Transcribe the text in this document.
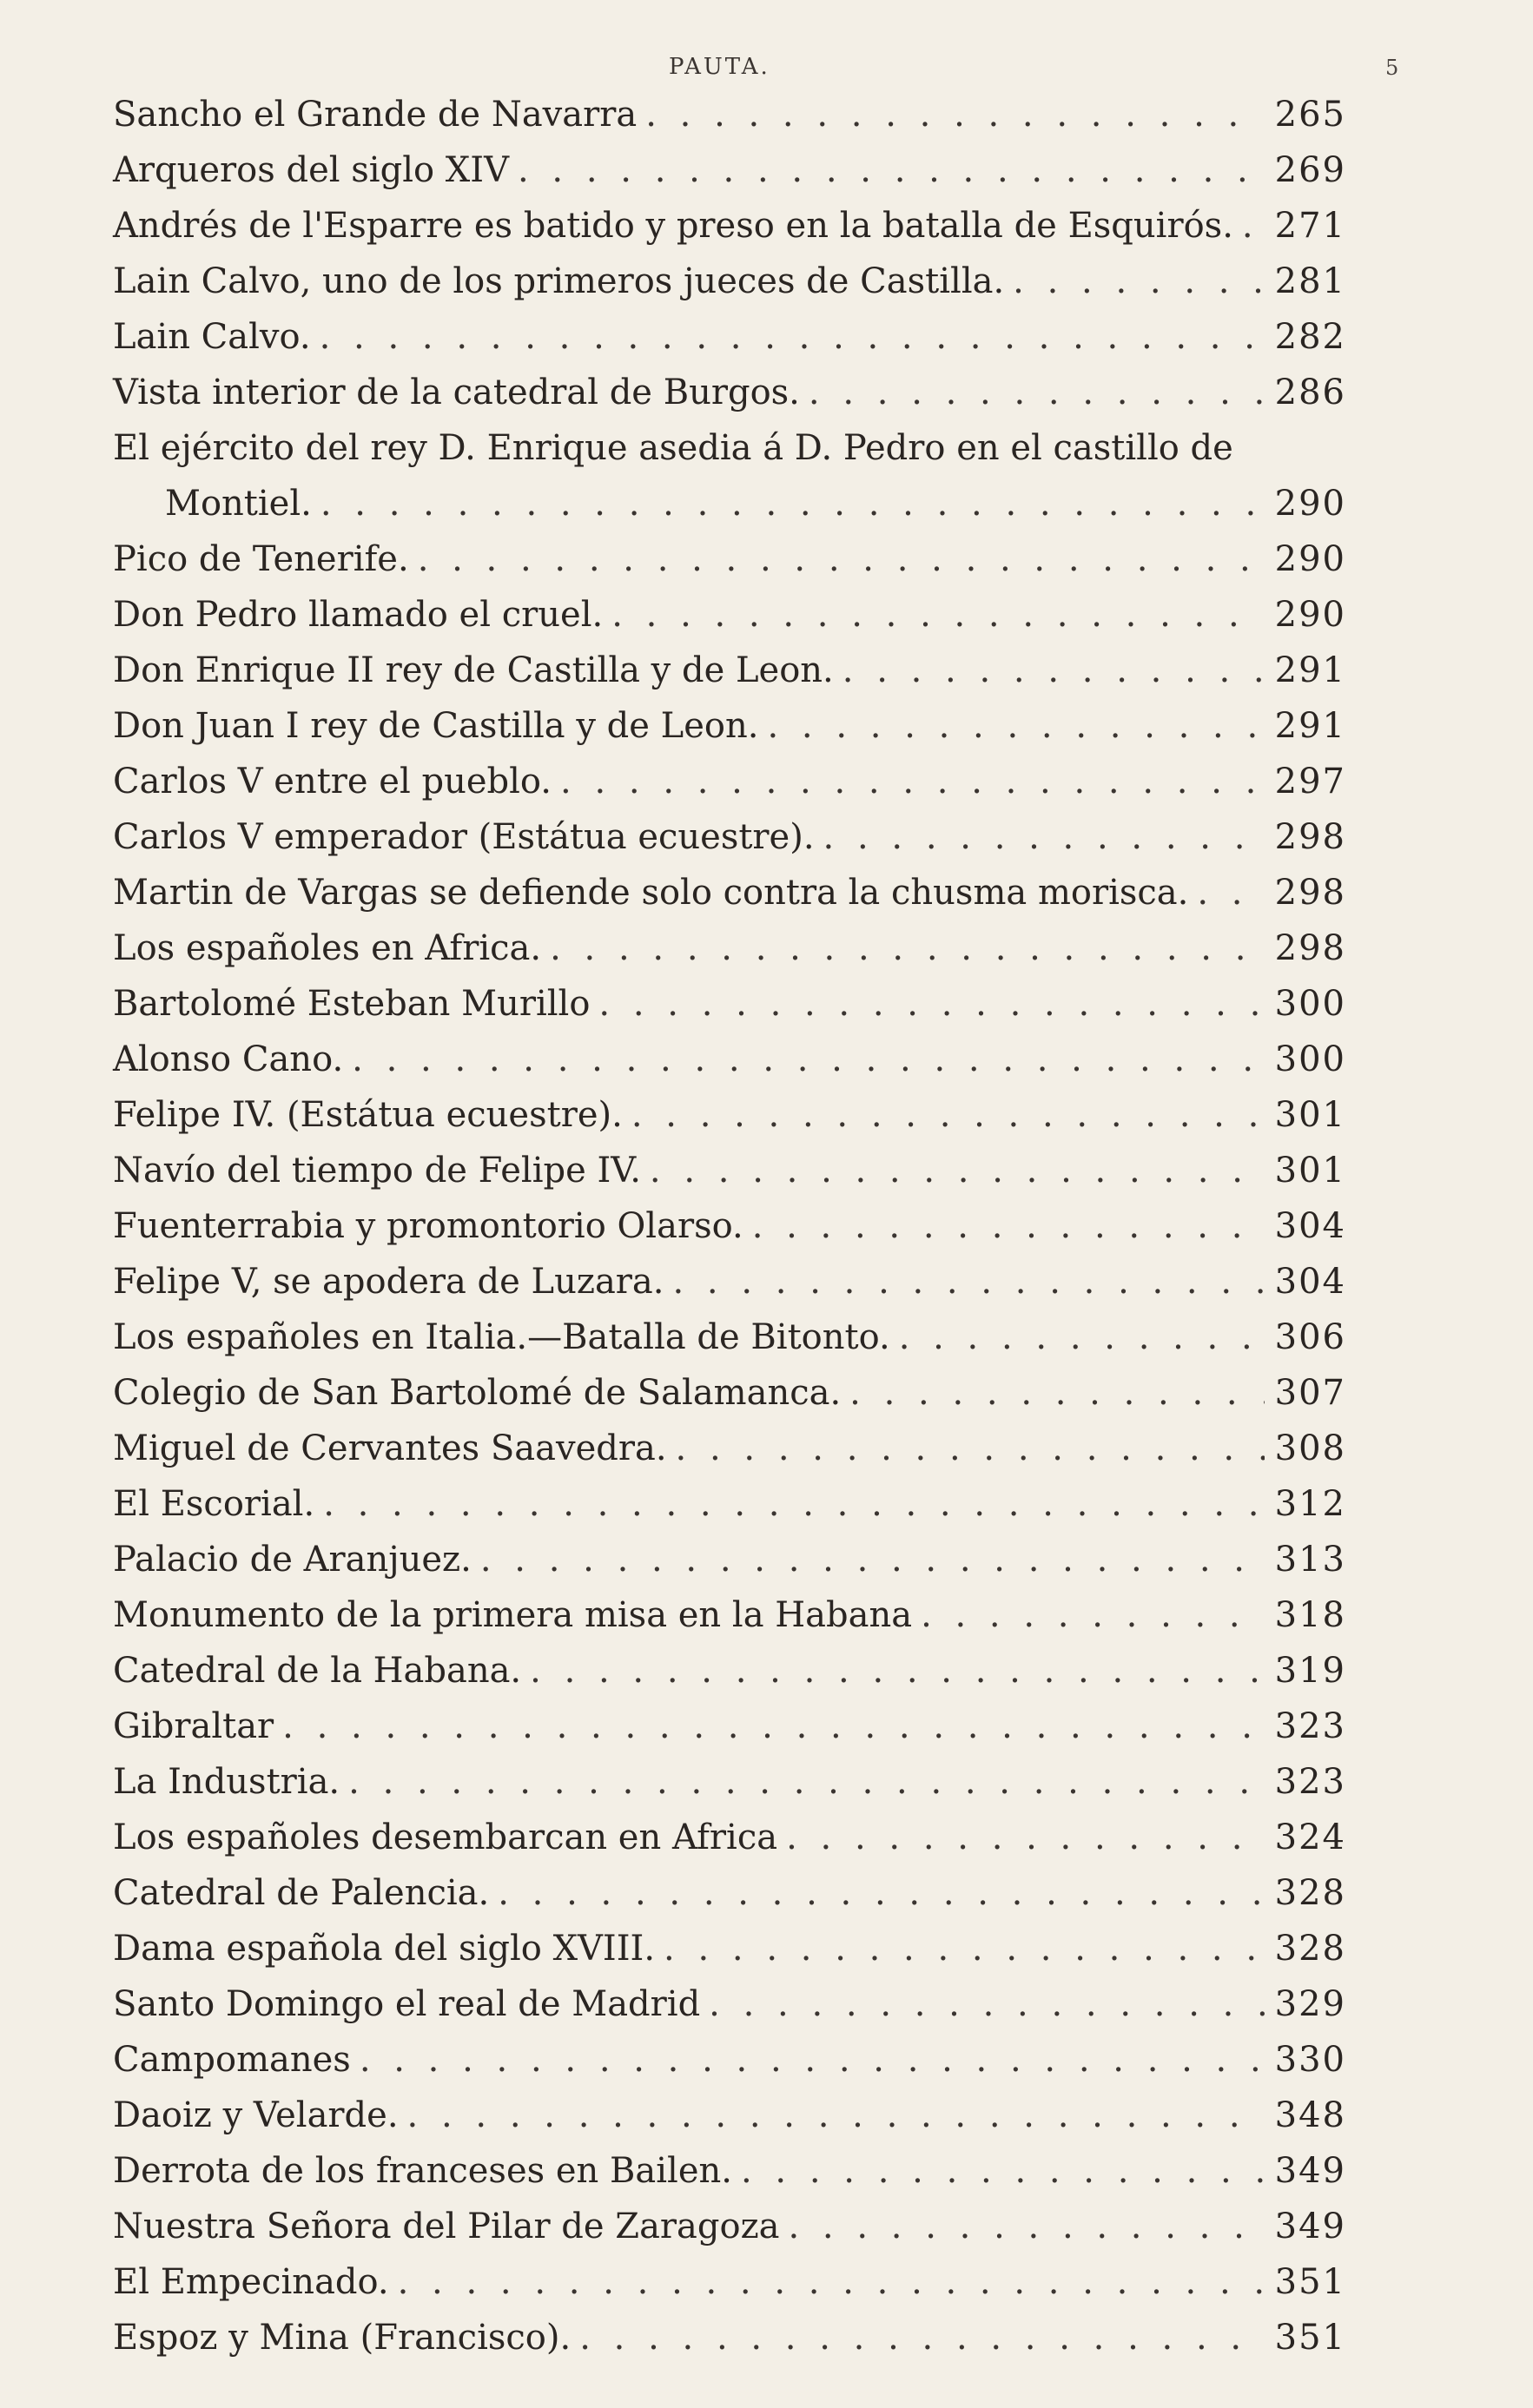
PAUTA.	5
Sancho el Grande de Navarra . . .	265
Arqueros del siglo XIV . . .	269
Andrés de l'Esparre es batido y preso en la batalla de Esquirós. . . . 271
Lain Calvo, uno de los primeros jueces de Castilla. . . .	281
Lain Calvo. . . .	282
Vista interior de la catedral de Burgos. . . .	286
El ejército del rey D. Enrique asedia á D. Pedro en el castillo de
Montiel. . . .	290
Pico de Tenerife. . . .	290
Don Pedro llamado el cruel. . . .	290
Don Enrique II rey de Castilla y de Leon. . . .	291
Don Juan I rey de Castilla y de Leon. . . .	291
Carlos V entre el pueblo. . . .	297
Carlos V emperador (Estátua ecuestre). . . .	298
Martin de Vargas se defiende solo contra la chusma morisca. . . . 298
Los españoles en Africa. . . .	298
Bartolomé Esteban Murillo . . .	300
Alonso Cano. . . .	300
Felipe IV. (Estátua ecuestre). . . .	301
Navío del tiempo de Felipe IV. . . .	301
Fuenterrabia y promontorio Olarso. . . .	304
Felipe V, se apodera de Luzara. . . .	304
Los españoles en Italia.—Batalla de Bitonto. . . .	306
Colegio de San Bartolomé de Salamanca. . . .	307
Miguel de Cervantes Saavedra. . . .	308
El Escorial. . . .	312
Palacio de Aranjuez. . . .	313
Monumento de la primera misa en la Habana . . .	318
Catedral de la Habana. . . .	319
Gibraltar . . .	323
La Industria. . . .	323
Los españoles desembarcan en Africa . . .	324
Catedral de Palencia. . . .	328
Dama española del siglo XVIII. . . .	328
Santo Domingo el real de Madrid . . .	329
Campomanes . . .	330
Daoiz y Velarde. . . .	348
Derrota de los franceses en Bailen. . . .	349
Nuestra Señora del Pilar de Zaragoza . . .	349
El Empecinado. . . .	351
Espoz y Mina (Francisco). . . .	351
